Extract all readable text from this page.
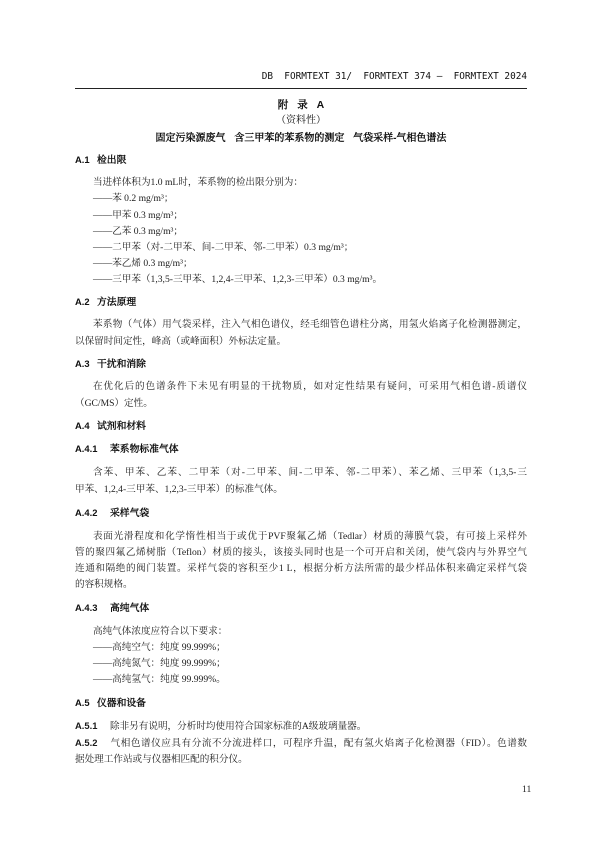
DB  FORMTEXT 31/  FORMTEXT 374 —  FORMTEXT 2024
附 录 A
（资料性）
固定污染源废气 含三甲苯的苯系物的测定 气袋采样-气相色谱法
A.1 检出限
当进样体积为1.0 mL时，苯系物的检出限分别为：
——苯 0.2 mg/m³；
——甲苯 0.3 mg/m³；
——乙苯 0.3 mg/m³；
——二甲苯（对-二甲苯、间-二甲苯、邻-二甲苯）0.3 mg/m³；
——苯乙烯 0.3 mg/m³；
——三甲苯（1,3,5-三甲苯、1,2,4-三甲苯、1,2,3-三甲苯）0.3 mg/m³。
A.2 方法原理
苯系物（气体）用气袋采样，注入气相色谱仪，经毛细管色谱柱分离，用氢火焰离子化检测器测定，
以保留时间定性，峰高（或峰面积）外标法定量。
A.3 干扰和消除
在优化后的色谱条件下未见有明显的干扰物质，如对定性结果有疑问，可采用气相色谱-质谱仪
（GC/MS）定性。
A.4 试剂和材料
A.4.1 苯系物标准气体
含苯、甲苯、乙苯、二甲苯（对-二甲苯、间-二甲苯、邻-二甲苯）、苯乙烯、三甲苯（1,3,5-三
甲苯、1,2,4-三甲苯、1,2,3-三甲苯）的标准气体。
A.4.2 采样气袋
表面光滑程度和化学惰性相当于或优于PVF聚氟乙烯（Tedlar）材质的薄膜气袋，有可接上采样外
管的聚四氟乙烯树脂（Teflon）材质的接头，该接头同时也是一个可开启和关闭，使气袋内与外界空气
连通和隔绝的阀门装置。采样气袋的容积至少1 L，根据分析方法所需的最少样品体积来确定采样气袋
的容积规格。
A.4.3 高纯气体
高纯气体浓度应符合以下要求：
——高纯空气：纯度 99.999%；
——高纯氮气：纯度 99.999%；
——高纯氢气：纯度 99.999%。
A.5 仪器和设备
A.5.1 除非另有说明，分析时均使用符合国家标准的A级玻璃量器。
A.5.2 气相色谱仪应具有分流不分流进样口，可程序升温，配有氢火焰离子化检测器（FID）。色谱数
据处理工作站或与仪器相匹配的积分仪。
11
